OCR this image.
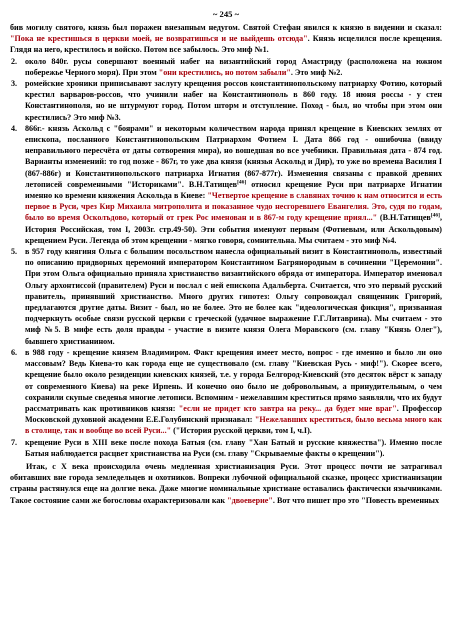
~ 245 ~

бив могилу святого, князь был поражен внезапным недугом. Святой Стефан явился к князю в видении и сказал: "Пока не крестишься в церкви моей, не возвратишься и не выйдешь отсюда". Князь исцелился после крещения. Глядя на него, крестилось и войско. Потом все забылось. Это миф №1.

2. около 840г. русы совершают военный набег на византийский город Амастриду (расположена на южном побережье Черного моря). При этом "они крестились, но потом забыли". Это миф №2.
3. ромейские хроники приписывают заслугу крещения россов константинопольскому патриарху Фотию, который крестил варваров-россов, что учинили набег на Константинополь в 860 году. 18 июня россы - у стен Константинополя, но не штурмуют город. Потом шторм и отступление. Поход - был, но чтобы при этом они крестились? Это миф №3.
4. 866г.- князь Аскольд с "боярами" и некоторым количеством народа принял крещение в Киевских землях от епископа, посланного Константинопольским Патриархом Фотием I. Дата 866 год - ошибочна (ввиду неправильного пересчёта от даты сотворения мира), но вошедшая во все учебники. Правильная дата - 874 год. Варианты изменений: то год позже - 867г, то уже два князя (князья Аскольд и Дир), то уже во времена Василия I (867-886г) и Константинопольского патриарха Игнатия (867-877г). Изменения связаны с правкой древних летописей современными "Историками". В.Н.Татищев[46] относил крещение Руси при патриархе Игнатии именно ко времени княжения Аскольда в Киеве: "Четвертое крещение в славянах точию к нам относится и есть первое в Руси, чрез Кир Михаила митрополита и показанное чудо несгоревшего Евангелия. Это, судя по годам, было во время Осколъдово, который от грек Рос именован и в 867-м году крещение приял..." (В.Н.Татищев[46], История Российская, том I, 2003г. стр.49-50). Эти события именуют первым (Фотиевым, или Аскольдовым) крещением Руси. Легенда об этом крещении - мягко говоря, сомнительна. Мы считаем - это миф №4.
5. в 957 году княгиня Ольга с большим посольством нанесла официальный визит в Константинополь, известный по описанию придворных церемоний императором Константином Багрянородным в сочинении "Церемонии". При этом Ольга официально приняла христианство византийского обряда от императора. Император именовал Ольгу архонтиссой (правителем) Руси и послал с ней епископа Адальберта. Считается, что это первый русский правитель, принявший христианство. Много других гипотез: Ольгу сопровождал священник Григорий, предлагаются другие даты. Визит - был, но не более. Это не более как "идеологическая фикция", призванная подчеркнуть особые связи русской церкви с греческой (удачное выражение Г.Г.Литаврина). Мы считаем - это миф №5. В мифе есть доля правды - участие в визите князя Олега Моравского (см. главу "Князь Олег"), бывшего христианином.
6. в 988 году - крещение князем Владимиром. Факт крещения имеет место, вопрос - где именно и было ли оно массовым? Ведь Киева-то как города еще не существовало (см. главу "Киевская Русь - миф!"). Скорее всего, крещение было около резиденции киевских князей, т.е. у города Белгород-Киевский (это десяток вёрст к западу от современного Киева) на реке Ирпень. И конечно оно было не добровольным, а принудительным, о чем сохранили скупые сведенья многие летописи. Вспомним - нежелавшим креститься прямо заявляли, что их будут рассматривать как противников князя: "если не придет кто завтра на реку... да будет мне враг". Профессор Московской духовной академии Е.Е.Голубинский признавал: "Нежелавших креститься, было весьма много как в столице, так и вообще во всей Руси..." ("История русской церкви, том I, ч.I).
7. крещение Руси в XIII веке после похода Батыя (см. главу "Хан Батый и русские княжества"). Именно после Батыя наблюдается расцвет христианства на Руси (см. главу "Скрываемые факты о крещении").

Итак, с X века происходила очень медленная христианизация Руси. Этот процесс почти не затрагивал обитавших вне города земледельцев и охотников. Вопреки лубочной официальной сказке, процесс христианизации страны растянулся еще на долгие века. Даже многие номинальные христиане оставались фактически язычниками. Такое состояние сами же богословы охарактеризовали как "двоеверие". Вот что пишет про это "Повесть временных
